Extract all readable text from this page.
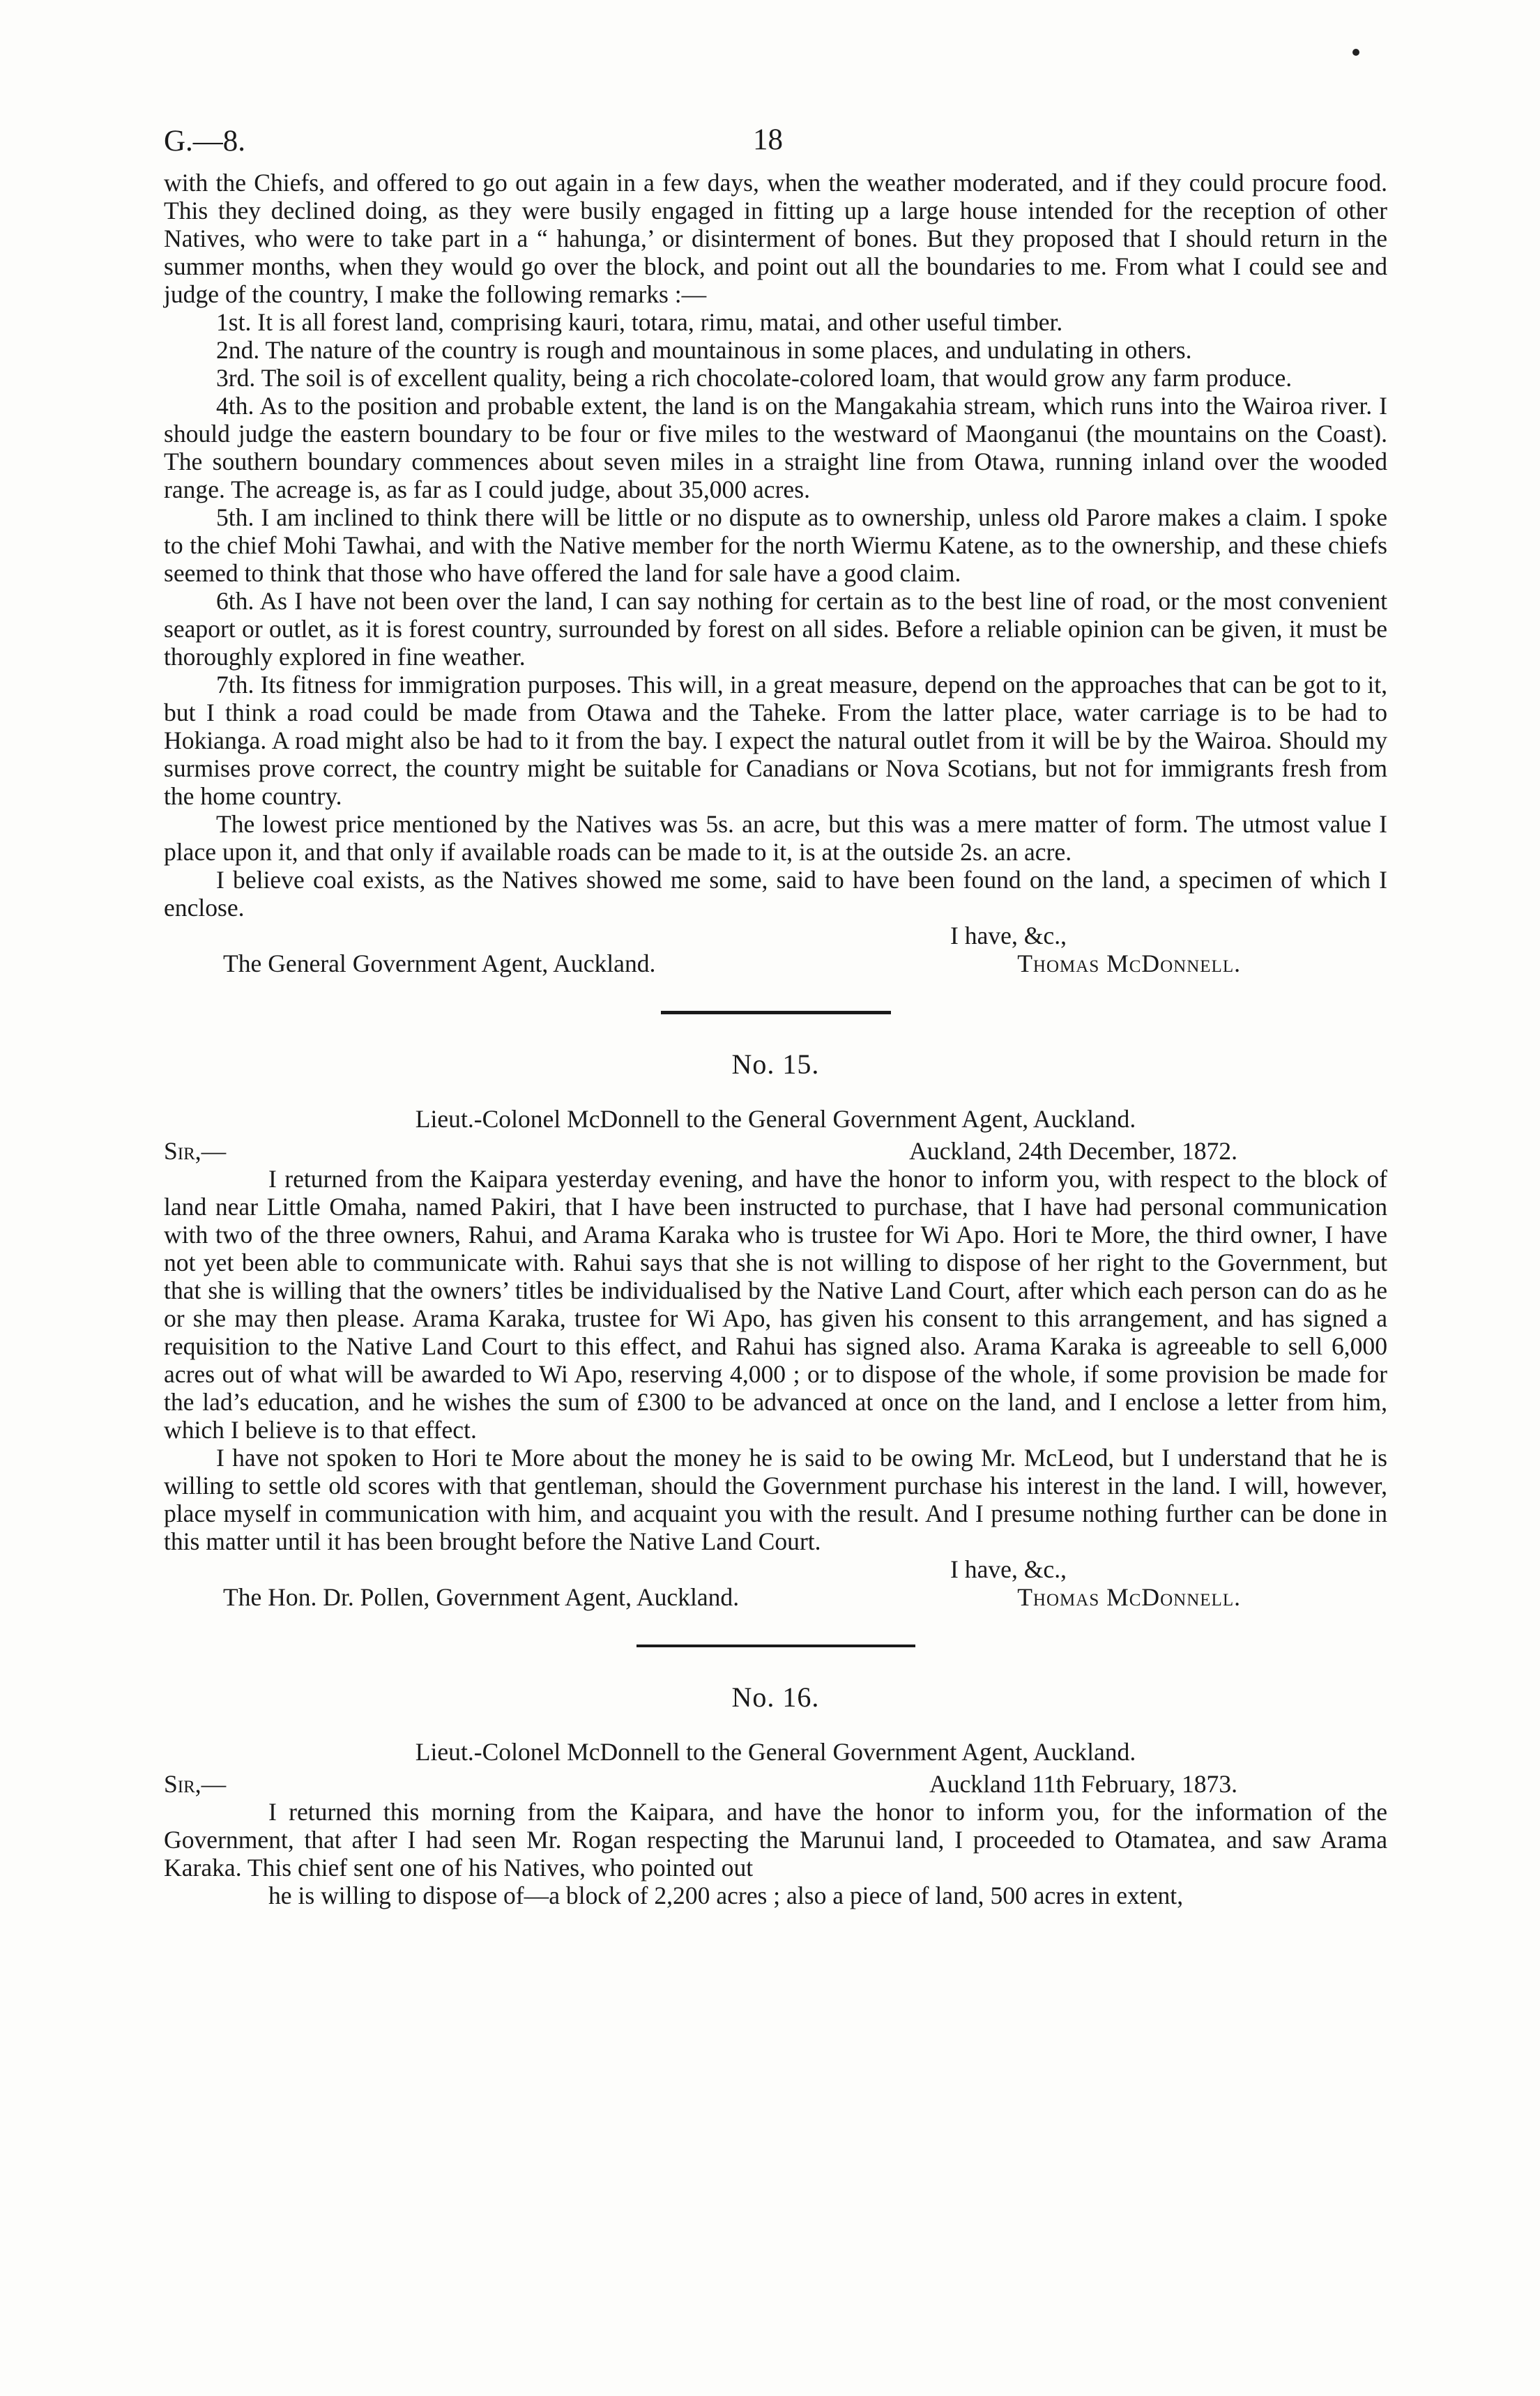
G.—8.	18

with the Chiefs, and offered to go out again in a few days, when the weather moderated, and if they could procure food. This they declined doing, as they were busily engaged in fitting up a large house intended for the reception of other Natives, who were to take part in a “ hahunga,’ or disinterment of bones. But they proposed that I should return in the summer months, when they would go over the block, and point out all the boundaries to me. From what I could see and judge of the country, I make the following remarks :—

1st. It is all forest land, comprising kauri, totara, rimu, matai, and other useful timber.

2nd. The nature of the country is rough and mountainous in some places, and undulating in others.

3rd. The soil is of excellent quality, being a rich chocolate-colored loam, that would grow any farm produce.

4th. As to the position and probable extent, the land is on the Mangakahia stream, which runs into the Wairoa river. I should judge the eastern boundary to be four or five miles to the westward of Maonganui (the mountains on the Coast). The southern boundary commences about seven miles in a straight line from Otawa, running inland over the wooded range. The acreage is, as far as I could judge, about 35,000 acres.

5th. I am inclined to think there will be little or no dispute as to ownership, unless old Parore makes a claim. I spoke to the chief Mohi Tawhai, and with the Native member for the north Wiermu Katene, as to the ownership, and these chiefs seemed to think that those who have offered the land for sale have a good claim.

6th. As I have not been over the land, I can say nothing for certain as to the best line of road, or the most convenient seaport or outlet, as it is forest country, surrounded by forest on all sides. Before a reliable opinion can be given, it must be thoroughly explored in fine weather.

7th. Its fitness for immigration purposes. This will, in a great measure, depend on the approaches that can be got to it, but I think a road could be made from Otawa and the Taheke. From the latter place, water carriage is to be had to Hokianga. A road might also be had to it from the bay. I expect the natural outlet from it will be by the Wairoa. Should my surmises prove correct, the country might be suitable for Canadians or Nova Scotians, but not for immigrants fresh from the home country.

The lowest price mentioned by the Natives was 5s. an acre, but this was a mere matter of form. The utmost value I place upon it, and that only if available roads can be made to it, is at the outside 2s. an acre.

I believe coal exists, as the Natives showed me some, said to have been found on the land, a specimen of which I enclose.

I have, &c.,
The General Government Agent, Auckland.	Thomas McDonnell.
No. 15.
Lieut.-Colonel McDonnell to the General Government Agent, Auckland.
Sir,—	Auckland, 24th December, 1872.

I returned from the Kaipara yesterday evening, and have the honor to inform you, with respect to the block of land near Little Omaha, named Pakiri, that I have been instructed to purchase, that I have had personal communication with two of the three owners, Rahui, and Arama Karaka who is trustee for Wi Apo. Hori te More, the third owner, I have not yet been able to communicate with. Rahui says that she is not willing to dispose of her right to the Government, but that she is willing that the owners’ titles be individualised by the Native Land Court, after which each person can do as he or she may then please. Arama Karaka, trustee for Wi Apo, has given his consent to this arrangement, and has signed a requisition to the Native Land Court to this effect, and Rahui has signed also. Arama Karaka is agreeable to sell 6,000 acres out of what will be awarded to Wi Apo, reserving 4,000 ; or to dispose of the whole, if some provision be made for the lad’s education, and he wishes the sum of £300 to be advanced at once on the land, and I enclose a letter from him, which I believe is to that effect.

I have not spoken to Hori te More about the money he is said to be owing Mr. McLeod, but I understand that he is willing to settle old scores with that gentleman, should the Government purchase his interest in the land. I will, however, place myself in communication with him, and acquaint you with the result. And I presume nothing further can be done in this matter until it has been brought before the Native Land Court.

I have, &c.,
The Hon. Dr. Pollen, Government Agent, Auckland.	Thomas McDonnell.
No. 16.
Lieut.-Colonel McDonnell to the General Government Agent, Auckland.
Sir,—	Auckland 11th February, 1873.

I returned this morning from the Kaipara, and have the honor to inform you, for the information of the Government, that after I had seen Mr. Rogan respecting the Marunui land, I proceeded to Otamatea, and saw Arama Karaka. This chief sent one of his Natives, who pointed out

he is willing to dispose of—a block of 2,200 acres ; also a piece of land, 500 acres in extent,
